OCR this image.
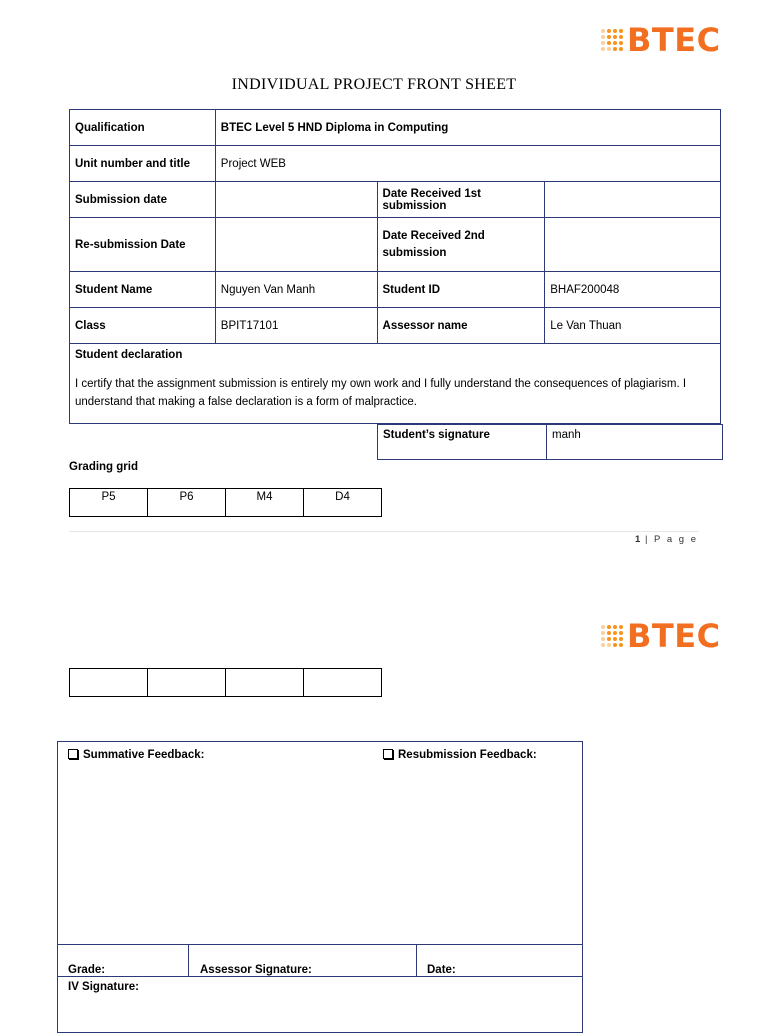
BTEC
INDIVIDUAL PROJECT FRONT SHEET
Qualification	BTEC Level 5 HND Diploma in Computing		
Unit number and title	Project WEB		
Submission date		Date Received 1st submission	
Re-submission Date		Date Received 2nd submission	
Student Name	Nguyen Van Manh	Student ID	BHAF200048
Class	BPIT17101	Assessor name	Le Van Thuan

Student declaration
I certify that the assignment submission is entirely my own work and I fully understand the consequences of plagiarism. I understand that making a false declaration is a form of malpractice.			
Student’s signature	manh
Grading grid
P5	P6	M4	D4
1 | P a g e
BTEC

Summative Feedback:	Resubmission Feedback:
Grade:	Assessor Signature:	Date:
IV Signature:
